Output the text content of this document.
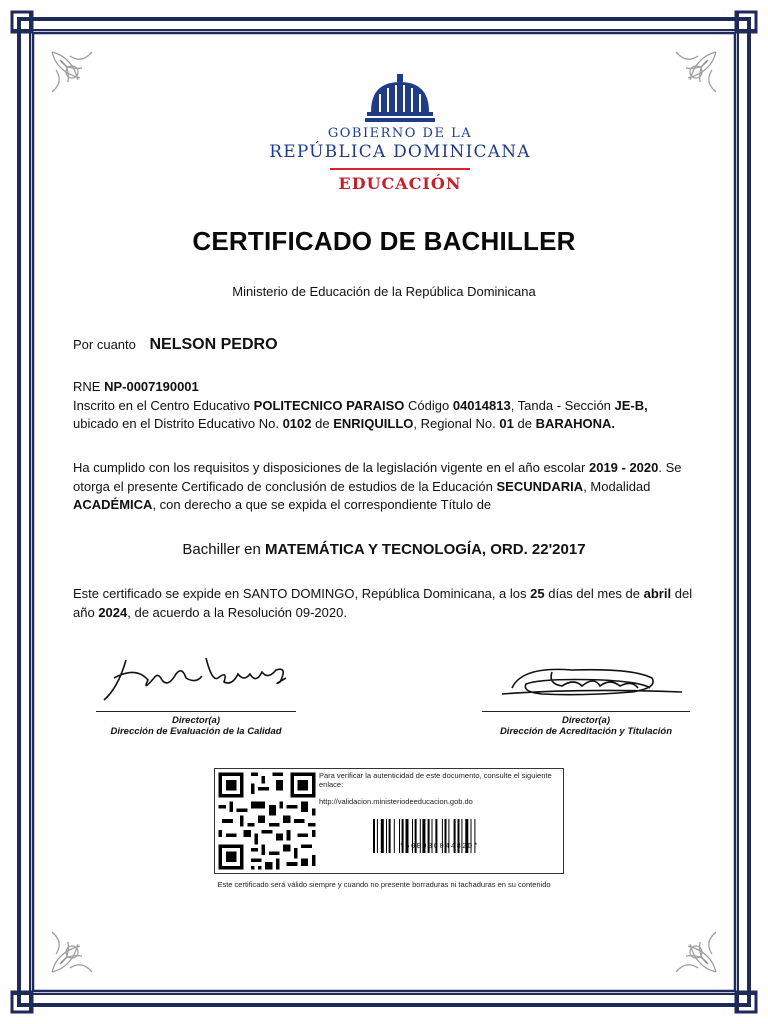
GOBIERNO DE LA
REPÚBLICA DOMINICANA
EDUCACIÓN
CERTIFICADO DE BACHILLER
Ministerio de Educación de la República Dominicana
Por cuanto NELSON PEDRO
RNE NP-0007190001
Inscrito en el Centro Educativo POLITECNICO PARAISO Código 04014813, Tanda - Sección JE-B, ubicado en el Distrito Educativo No. 0102 de ENRIQUILLO, Regional No. 01 de BARAHONA.
Ha cumplido con los requisitos y disposiciones de la legislación vigente en el año escolar 2019 - 2020. Se otorga el presente Certificado de conclusión de estudios de la Educación SECUNDARIA, Modalidad ACADÉMICA, con derecho a que se expida el correspondiente Título de
Bachiller en MATEMÁTICA Y TECNOLOGÍA, ORD. 22'2017
Este certificado se expide en SANTO DOMINGO, República Dominicana, a los 25 días del mes de abril del año 2024, de acuerdo a la Resolución 09-2020.
Director(a)
Dirección de Evaluación de la Calidad
Director(a)
Dirección de Acreditación y Titulación
Para verificar la autenticidad de este documento, consulte el siguiente enlace:
http://validacion.ministeriodeeducacion.gob.do
*60E03C04482D*
Este certificado será válido siempre y cuando no presente borraduras ni tachaduras en su contenido
